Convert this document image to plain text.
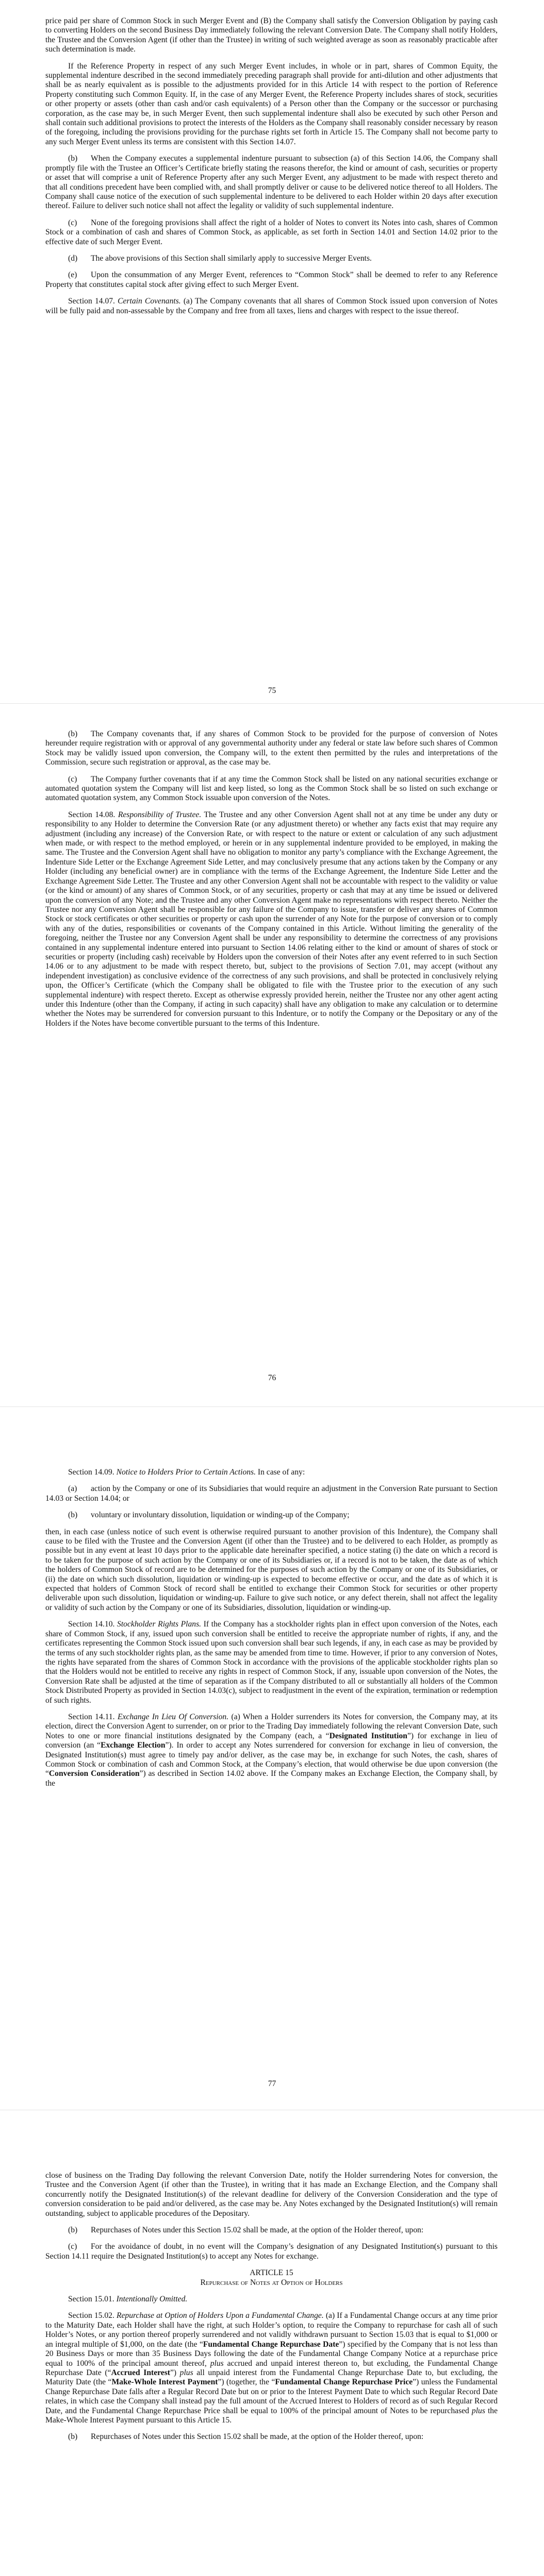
price paid per share of Common Stock in such Merger Event and (B) the Company shall satisfy the Conversion Obligation by paying cash to converting Holders on the second Business Day immediately following the relevant Conversion Date. The Company shall notify Holders, the Trustee and the Conversion Agent (if other than the Trustee) in writing of such weighted average as soon as reasonably practicable after such determination is made.

If the Reference Property in respect of any such Merger Event includes, in whole or in part, shares of Common Equity, the supplemental indenture described in the second immediately preceding paragraph shall provide for anti-dilution and other adjustments that shall be as nearly equivalent as is possible to the adjustments provided for in this Article 14 with respect to the portion of Reference Property constituting such Common Equity. If, in the case of any Merger Event, the Reference Property includes shares of stock, securities or other property or assets (other than cash and/or cash equivalents) of a Person other than the Company or the successor or purchasing corporation, as the case may be, in such Merger Event, then such supplemental indenture shall also be executed by such other Person and shall contain such additional provisions to protect the interests of the Holders as the Company shall reasonably consider necessary by reason of the foregoing, including the provisions providing for the purchase rights set forth in Article 15. The Company shall not become party to any such Merger Event unless its terms are consistent with this Section 14.07.

(b) When the Company executes a supplemental indenture pursuant to subsection (a) of this Section 14.06, the Company shall promptly file with the Trustee an Officer’s Certificate briefly stating the reasons therefor, the kind or amount of cash, securities or property or asset that will comprise a unit of Reference Property after any such Merger Event, any adjustment to be made with respect thereto and that all conditions precedent have been complied with, and shall promptly deliver or cause to be delivered notice thereof to all Holders. The Company shall cause notice of the execution of such supplemental indenture to be delivered to each Holder within 20 days after execution thereof. Failure to deliver such notice shall not affect the legality or validity of such supplemental indenture.

(c) None of the foregoing provisions shall affect the right of a holder of Notes to convert its Notes into cash, shares of Common Stock or a combination of cash and shares of Common Stock, as applicable, as set forth in Section 14.01 and Section 14.02 prior to the effective date of such Merger Event.

(d) The above provisions of this Section shall similarly apply to successive Merger Events.

(e) Upon the consummation of any Merger Event, references to “Common Stock” shall be deemed to refer to any Reference Property that constitutes capital stock after giving effect to such Merger Event.

Section 14.07. Certain Covenants. (a) The Company covenants that all shares of Common Stock issued upon conversion of Notes will be fully paid and non-assessable by the Company and free from all taxes, liens and charges with respect to the issue thereof.

75

(b) The Company covenants that, if any shares of Common Stock to be provided for the purpose of conversion of Notes hereunder require registration with or approval of any governmental authority under any federal or state law before such shares of Common Stock may be validly issued upon conversion, the Company will, to the extent then permitted by the rules and interpretations of the Commission, secure such registration or approval, as the case may be.

(c) The Company further covenants that if at any time the Common Stock shall be listed on any national securities exchange or automated quotation system the Company will list and keep listed, so long as the Common Stock shall be so listed on such exchange or automated quotation system, any Common Stock issuable upon conversion of the Notes.

Section 14.08. Responsibility of Trustee. The Trustee and any other Conversion Agent shall not at any time be under any duty or responsibility to any Holder to determine the Conversion Rate (or any adjustment thereto) or whether any facts exist that may require any adjustment (including any increase) of the Conversion Rate, or with respect to the nature or extent or calculation of any such adjustment when made, or with respect to the method employed, or herein or in any supplemental indenture provided to be employed, in making the same. The Trustee and the Conversion Agent shall have no obligation to monitor any party’s compliance with the Exchange Agreement, the Indenture Side Letter or the Exchange Agreement Side Letter, and may conclusively presume that any actions taken by the Company or any Holder (including any beneficial owner) are in compliance with the terms of the Exchange Agreement, the Indenture Side Letter and the Exchange Agreement Side Letter. The Trustee and any other Conversion Agent shall not be accountable with respect to the validity or value (or the kind or amount) of any shares of Common Stock, or of any securities, property or cash that may at any time be issued or delivered upon the conversion of any Note; and the Trustee and any other Conversion Agent make no representations with respect thereto. Neither the Trustee nor any Conversion Agent shall be responsible for any failure of the Company to issue, transfer or deliver any shares of Common Stock or stock certificates or other securities or property or cash upon the surrender of any Note for the purpose of conversion or to comply with any of the duties, responsibilities or covenants of the Company contained in this Article. Without limiting the generality of the foregoing, neither the Trustee nor any Conversion Agent shall be under any responsibility to determine the correctness of any provisions contained in any supplemental indenture entered into pursuant to Section 14.06 relating either to the kind or amount of shares of stock or securities or property (including cash) receivable by Holders upon the conversion of their Notes after any event referred to in such Section 14.06 or to any adjustment to be made with respect thereto, but, subject to the provisions of Section 7.01, may accept (without any independent investigation) as conclusive evidence of the correctness of any such provisions, and shall be protected in conclusively relying upon, the Officer’s Certificate (which the Company shall be obligated to file with the Trustee prior to the execution of any such supplemental indenture) with respect thereto. Except as otherwise expressly provided herein, neither the Trustee nor any other agent acting under this Indenture (other than the Company, if acting in such capacity) shall have any obligation to make any calculation or to determine whether the Notes may be surrendered for conversion pursuant to this Indenture, or to notify the Company or the Depositary or any of the Holders if the Notes have become convertible pursuant to the terms of this Indenture.

76

Section 14.09. Notice to Holders Prior to Certain Actions. In case of any:

(a) action by the Company or one of its Subsidiaries that would require an adjustment in the Conversion Rate pursuant to Section 14.03 or Section 14.04; or

(b) voluntary or involuntary dissolution, liquidation or winding-up of the Company;

then, in each case (unless notice of such event is otherwise required pursuant to another provision of this Indenture), the Company shall cause to be filed with the Trustee and the Conversion Agent (if other than the Trustee) and to be delivered to each Holder, as promptly as possible but in any event at least 10 days prior to the applicable date hereinafter specified, a notice stating (i) the date on which a record is to be taken for the purpose of such action by the Company or one of its Subsidiaries or, if a record is not to be taken, the date as of which the holders of Common Stock of record are to be determined for the purposes of such action by the Company or one of its Subsidiaries, or (ii) the date on which such dissolution, liquidation or winding-up is expected to become effective or occur, and the date as of which it is expected that holders of Common Stock of record shall be entitled to exchange their Common Stock for securities or other property deliverable upon such dissolution, liquidation or winding-up. Failure to give such notice, or any defect therein, shall not affect the legality or validity of such action by the Company or one of its Subsidiaries, dissolution, liquidation or winding-up.

Section 14.10. Stockholder Rights Plans. If the Company has a stockholder rights plan in effect upon conversion of the Notes, each share of Common Stock, if any, issued upon such conversion shall be entitled to receive the appropriate number of rights, if any, and the certificates representing the Common Stock issued upon such conversion shall bear such legends, if any, in each case as may be provided by the terms of any such stockholder rights plan, as the same may be amended from time to time. However, if prior to any conversion of Notes, the rights have separated from the shares of Common Stock in accordance with the provisions of the applicable stockholder rights plan so that the Holders would not be entitled to receive any rights in respect of Common Stock, if any, issuable upon conversion of the Notes, the Conversion Rate shall be adjusted at the time of separation as if the Company distributed to all or substantially all holders of the Common Stock Distributed Property as provided in Section 14.03(c), subject to readjustment in the event of the expiration, termination or redemption of such rights.

Section 14.11. Exchange In Lieu Of Conversion. (a) When a Holder surrenders its Notes for conversion, the Company may, at its election, direct the Conversion Agent to surrender, on or prior to the Trading Day immediately following the relevant Conversion Date, such Notes to one or more financial institutions designated by the Company (each, a “Designated Institution”) for exchange in lieu of conversion (an “Exchange Election”). In order to accept any Notes surrendered for conversion for exchange in lieu of conversion, the Designated Institution(s) must agree to timely pay and/or deliver, as the case may be, in exchange for such Notes, the cash, shares of Common Stock or combination of cash and Common Stock, at the Company’s election, that would otherwise be due upon conversion (the “Conversion Consideration”) as described in Section 14.02 above. If the Company makes an Exchange Election, the Company shall, by the

77

close of business on the Trading Day following the relevant Conversion Date, notify the Holder surrendering Notes for conversion, the Trustee and the Conversion Agent (if other than the Trustee), in writing that it has made an Exchange Election, and the Company shall concurrently notify the Designated Institution(s) of the relevant deadline for delivery of the Conversion Consideration and the type of conversion consideration to be paid and/or delivered, as the case may be. Any Notes exchanged by the Designated Institution(s) will remain outstanding, subject to applicable procedures of the Depositary.

(b) Repurchases of Notes under this Section 15.02 shall be made, at the option of the Holder thereof, upon:

(c) For the avoidance of doubt, in no event will the Company’s designation of any Designated Institution(s) pursuant to this Section 14.11 require the Designated Institution(s) to accept any Notes for exchange.

ARTICLE 15

Repurchase of Notes at Option of Holders

Section 15.01. Intentionally Omitted.

Section 15.02. Repurchase at Option of Holders Upon a Fundamental Change. (a) If a Fundamental Change occurs at any time prior to the Maturity Date, each Holder shall have the right, at such Holder’s option, to require the Company to repurchase for cash all of such Holder’s Notes, or any portion thereof properly surrendered and not validly withdrawn pursuant to Section 15.03 that is equal to $1,000 or an integral multiple of $1,000, on the date (the “Fundamental Change Repurchase Date”) specified by the Company that is not less than 20 Business Days or more than 35 Business Days following the date of the Fundamental Change Company Notice at a repurchase price equal to 100% of the principal amount thereof, plus accrued and unpaid interest thereon to, but excluding, the Fundamental Change Repurchase Date (“Accrued Interest”) plus all unpaid interest from the Fundamental Change Repurchase Date to, but excluding, the Maturity Date (the “Make-Whole Interest Payment”) (together, the “Fundamental Change Repurchase Price”) unless the Fundamental Change Repurchase Date falls after a Regular Record Date but on or prior to the Interest Payment Date to which such Regular Record Date relates, in which case the Company shall instead pay the full amount of the Accrued Interest to Holders of record as of such Regular Record Date, and the Fundamental Change Repurchase Price shall be equal to 100% of the principal amount of Notes to be repurchased plus the Make-Whole Interest Payment pursuant to this Article 15.

(b) Repurchases of Notes under this Section 15.02 shall be made, at the option of the Holder thereof, upon:
